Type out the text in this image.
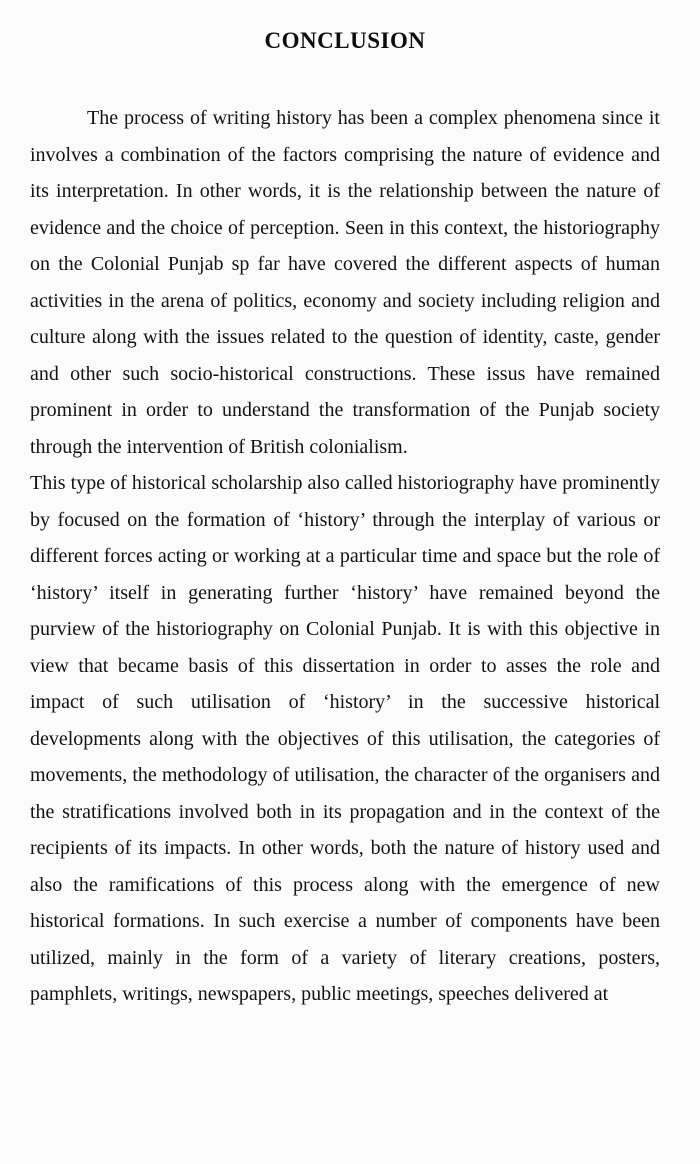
CONCLUSION

The process of writing history has been a complex phenomena since it involves a combination of the factors comprising the nature of evidence and its interpretation. In other words, it is the relationship between the nature of evidence and the choice of perception. Seen in this context, the historiography on the Colonial Punjab sp far have covered the different aspects of human activities in the arena of politics, economy and society including religion and culture along with the issues related to the question of identity, caste, gender and other such socio-historical constructions. These issus have remained prominent in order to understand the transformation of the Punjab society through the intervention of British colonialism.

This type of historical scholarship also called historiography have prominently by focused on the formation of ‘history’ through the interplay of various or different forces acting or working at a particular time and space but the role of ‘history’ itself in generating further ‘history’ have remained beyond the purview of the historiography on Colonial Punjab. It is with this objective in view that became basis of this dissertation in order to asses the role and impact of such utilisation of ‘history’ in the successive historical developments along with the objectives of this utilisation, the categories of movements, the methodology of utilisation, the character of the organisers and the stratifications involved both in its propagation and in the context of the recipients of its impacts. In other words, both the nature of history used and also the ramifications of this process along with the emergence of new historical formations. In such exercise a number of components have been utilized, mainly in the form of a variety of literary creations, posters, pamphlets, writings, newspapers, public meetings, speeches delivered at
